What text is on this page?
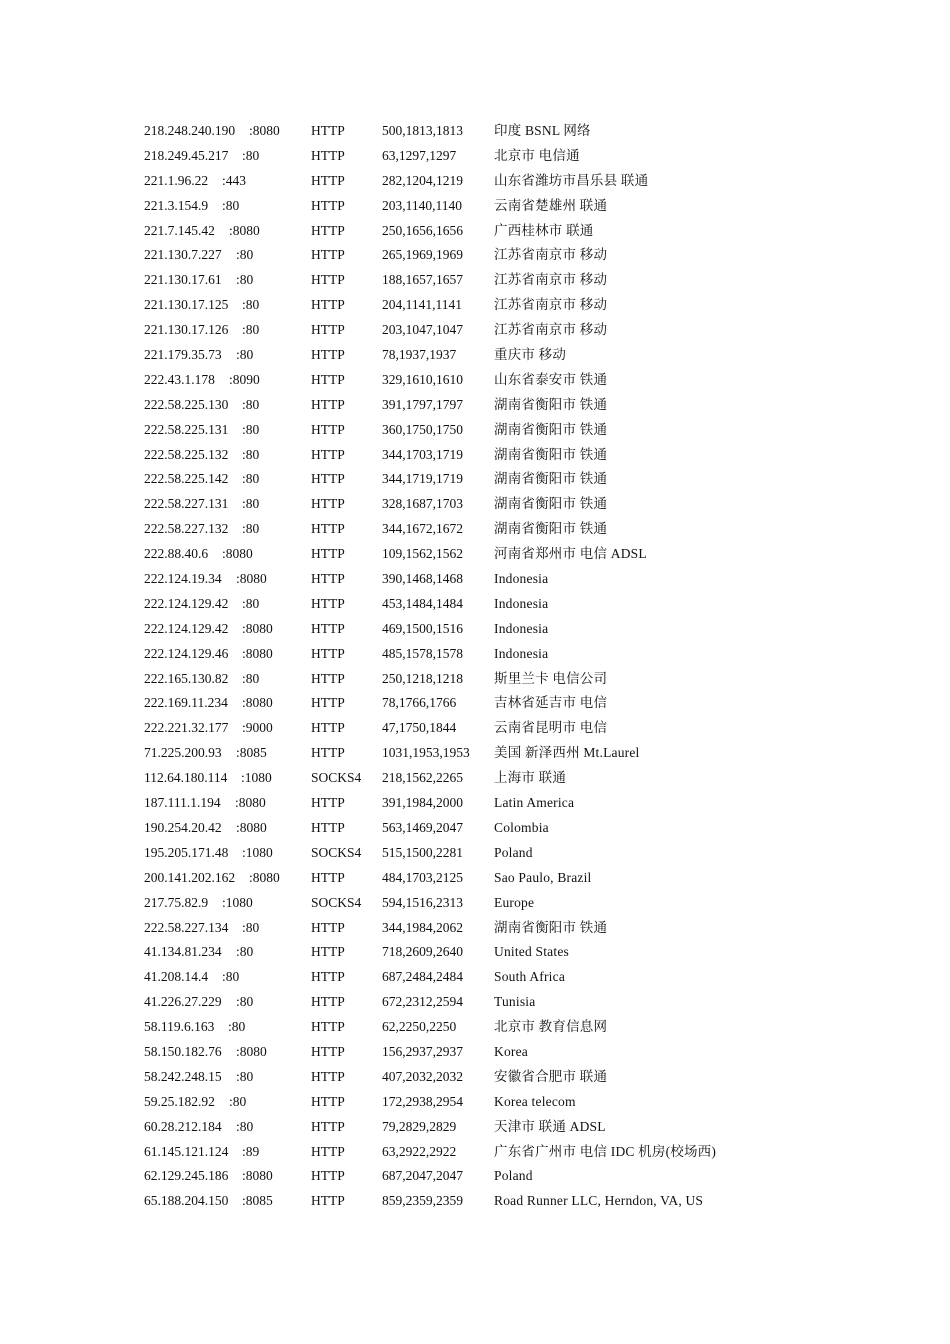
218.248.240.190 :8080 HTTP	500,1813,1813 印度 BSNL 网络
218.249.45.217 :80	HTTP	63,1297,1297	北京市 电信通
221.1.96.22 :443	HTTP	282,1204,1219 山东省潍坊市昌乐县 联通
221.3.154.9 :80	HTTP	203,1140,1140 云南省楚雄州 联通
221.7.145.42 :8080	HTTP	250,1656,1656 广西桂林市 联通
221.130.7.227 :80	HTTP	265,1969,1969 江苏省南京市 移动
221.130.17.61 :80	HTTP	188,1657,1657 江苏省南京市 移动
221.130.17.125 :80	HTTP	204,1141,1141 江苏省南京市 移动
221.130.17.126 :80	HTTP	203,1047,1047 江苏省南京市 移动
221.179.35.73 :80	HTTP	78,1937,1937	重庆市 移动
222.43.1.178 :8090	HTTP	329,1610,1610 山东省泰安市 铁通
222.58.225.130 :80	HTTP	391,1797,1797 湖南省衡阳市 铁通
222.58.225.131 :80	HTTP	360,1750,1750 湖南省衡阳市 铁通
222.58.225.132 :80	HTTP	344,1703,1719 湖南省衡阳市 铁通
222.58.225.142 :80	HTTP	344,1719,1719 湖南省衡阳市 铁通
222.58.227.131 :80	HTTP	328,1687,1703 湖南省衡阳市 铁通
222.58.227.132 :80	HTTP	344,1672,1672 湖南省衡阳市 铁通
222.88.40.6 :8080	HTTP	109,1562,1562 河南省郑州市 电信 ADSL
222.124.19.34 :8080	HTTP	390,1468,1468 Indonesia
222.124.129.42 :80	HTTP	453,1484,1484 Indonesia
222.124.129.42 :8080	HTTP	469,1500,1516 Indonesia
222.124.129.46 :8080	HTTP	485,1578,1578 Indonesia
222.165.130.82 :80	HTTP	250,1218,1218 斯里兰卡 电信公司
222.169.11.234 :8080	HTTP	78,1766,1766	吉林省延吉市 电信
222.221.32.177 :9000	HTTP	47,1750,1844	云南省昆明市 电信
71.225.200.93 :8085	HTTP	1031,1953,1953 美国 新泽西州 Mt.Laurel
112.64.180.114 :1080	SOCKS4 218,1562,2265 上海市 联通
187.111.1.194 :8080	HTTP	391,1984,2000 Latin America
190.254.20.42 :8080	HTTP	563,1469,2047 Colombia
195.205.171.48 :1080	SOCKS4 515,1500,2281 Poland
200.141.202.162 :8080 HTTP	484,1703,2125 Sao Paulo, Brazil
217.75.82.9 :1080	SOCKS4 594,1516,2313 Europe
222.58.227.134 :80	HTTP	344,1984,2062 湖南省衡阳市 铁通
41.134.81.234 :80	HTTP	718,2609,2640 United States
41.208.14.4 :80	HTTP	687,2484,2484 South Africa
41.226.27.229 :80	HTTP	672,2312,2594 Tunisia
58.119.6.163 :80	HTTP	62,2250,2250	北京市 教育信息网
58.150.182.76 :8080	HTTP	156,2937,2937 Korea
58.242.248.15 :80	HTTP	407,2032,2032 安徽省合肥市 联通
59.25.182.92 :80	HTTP	172,2938,2954 Korea telecom
60.28.212.184 :80	HTTP	79,2829,2829	天津市 联通 ADSL
61.145.121.124 :89	HTTP	63,2922,2922	广东省广州市 电信 IDC 机房(校场西)
62.129.245.186 :8080	HTTP	687,2047,2047 Poland
65.188.204.150 :8085	HTTP	859,2359,2359 Road Runner LLC, Herndon, VA, US
